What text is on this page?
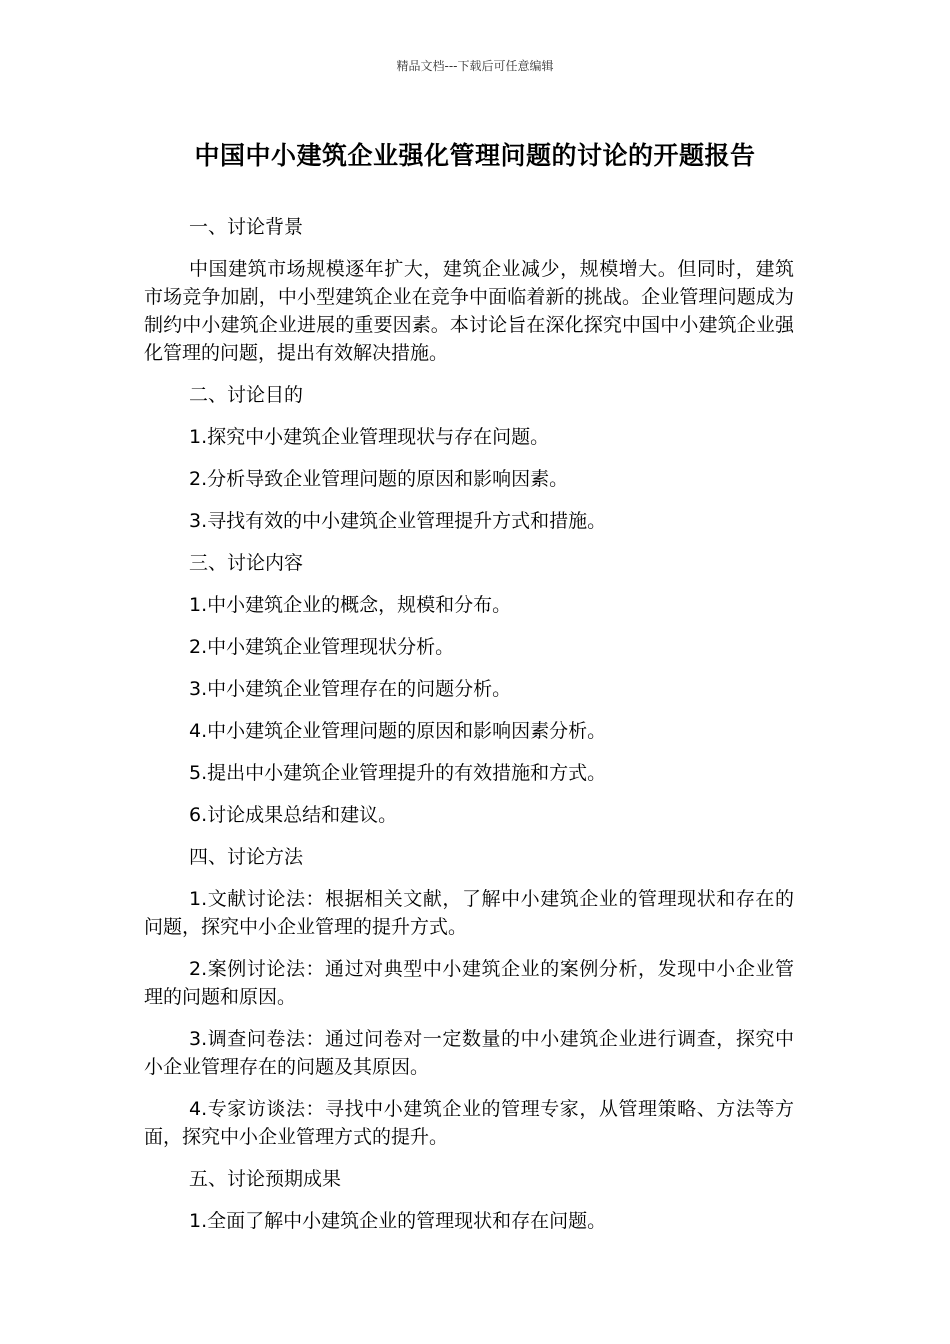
精品文档---下载后可任意编辑
中国中小建筑企业强化管理问题的讨论的开题报告

一、讨论背景

中国建筑市场规模逐年扩大，建筑企业减少，规模增大。但同时，建筑市场竞争加剧，中小型建筑企业在竞争中面临着新的挑战。企业管理问题成为制约中小建筑企业进展的重要因素。本讨论旨在深化探究中国中小建筑企业强化管理的问题，提出有效解决措施。

二、讨论目的

1.探究中小建筑企业管理现状与存在问题。

2.分析导致企业管理问题的原因和影响因素。

3.寻找有效的中小建筑企业管理提升方式和措施。

三、讨论内容

1.中小建筑企业的概念，规模和分布。

2.中小建筑企业管理现状分析。

3.中小建筑企业管理存在的问题分析。

4.中小建筑企业管理问题的原因和影响因素分析。

5.提出中小建筑企业管理提升的有效措施和方式。

6.讨论成果总结和建议。

四、讨论方法

1.文献讨论法：根据相关文献，了解中小建筑企业的管理现状和存在的问题，探究中小企业管理的提升方式。

2.案例讨论法：通过对典型中小建筑企业的案例分析，发现中小企业管理的问题和原因。

3.调查问卷法：通过问卷对一定数量的中小建筑企业进行调查，探究中小企业管理存在的问题及其原因。

4.专家访谈法：寻找中小建筑企业的管理专家，从管理策略、方法等方面，探究中小企业管理方式的提升。

五、讨论预期成果

1.全面了解中小建筑企业的管理现状和存在问题。
